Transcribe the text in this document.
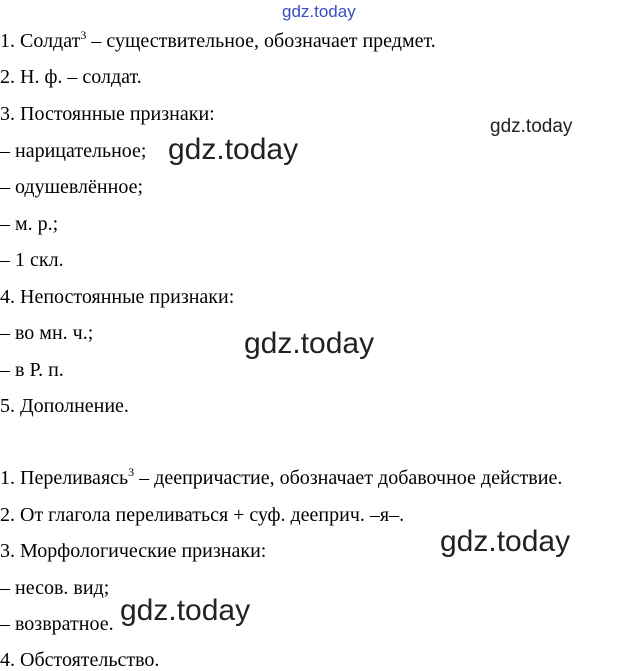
gdz.today
1. Солдат$^3$ – существительное, обозначает предмет.
2. Н. ф. – солдат.
3. Постоянные признаки:
– нарицательное;
– одушевлённое;
– м. р.;
– 1 скл.
4. Непостоянные признаки:
– во мн. ч.;
– в Р. п.
5. Дополнение.
1. Переливаясь$^3$ – деепричастие, обозначает добавочное действие.
2. От глагола переливаться + суф. дееприч. –я–.
3. Морфологические признаки:
– несов. вид;
– возвратное.
4. Обстоятельство.
gdz.today
gdz.today
gdz.today
gdz.today
gdz.today
